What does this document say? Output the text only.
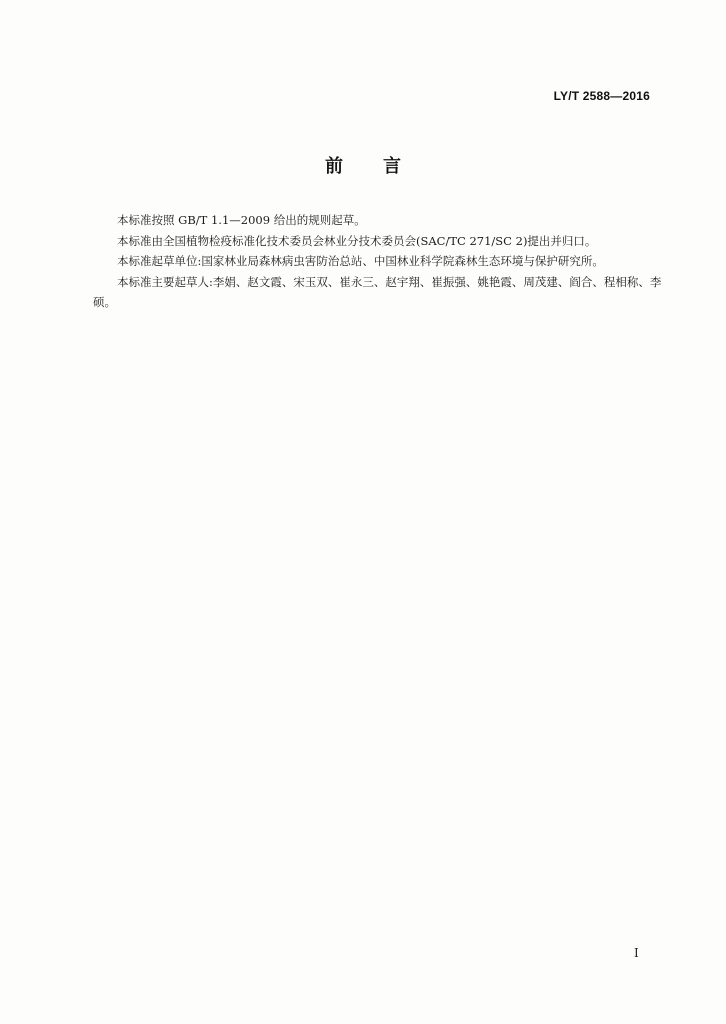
LY/T 2588—2016
前 言

本标准按照 GB/T 1.1—2009 给出的规则起草。

本标准由全国植物检疫标准化技术委员会林业分技术委员会(SAC/TC 271/SC 2)提出并归口。

本标准起草单位:国家林业局森林病虫害防治总站、中国林业科学院森林生态环境与保护研究所。

本标准主要起草人:李娟、赵文霞、宋玉双、崔永三、赵宇翔、崔振强、姚艳霞、周茂建、阎合、程相称、李硕。

I
